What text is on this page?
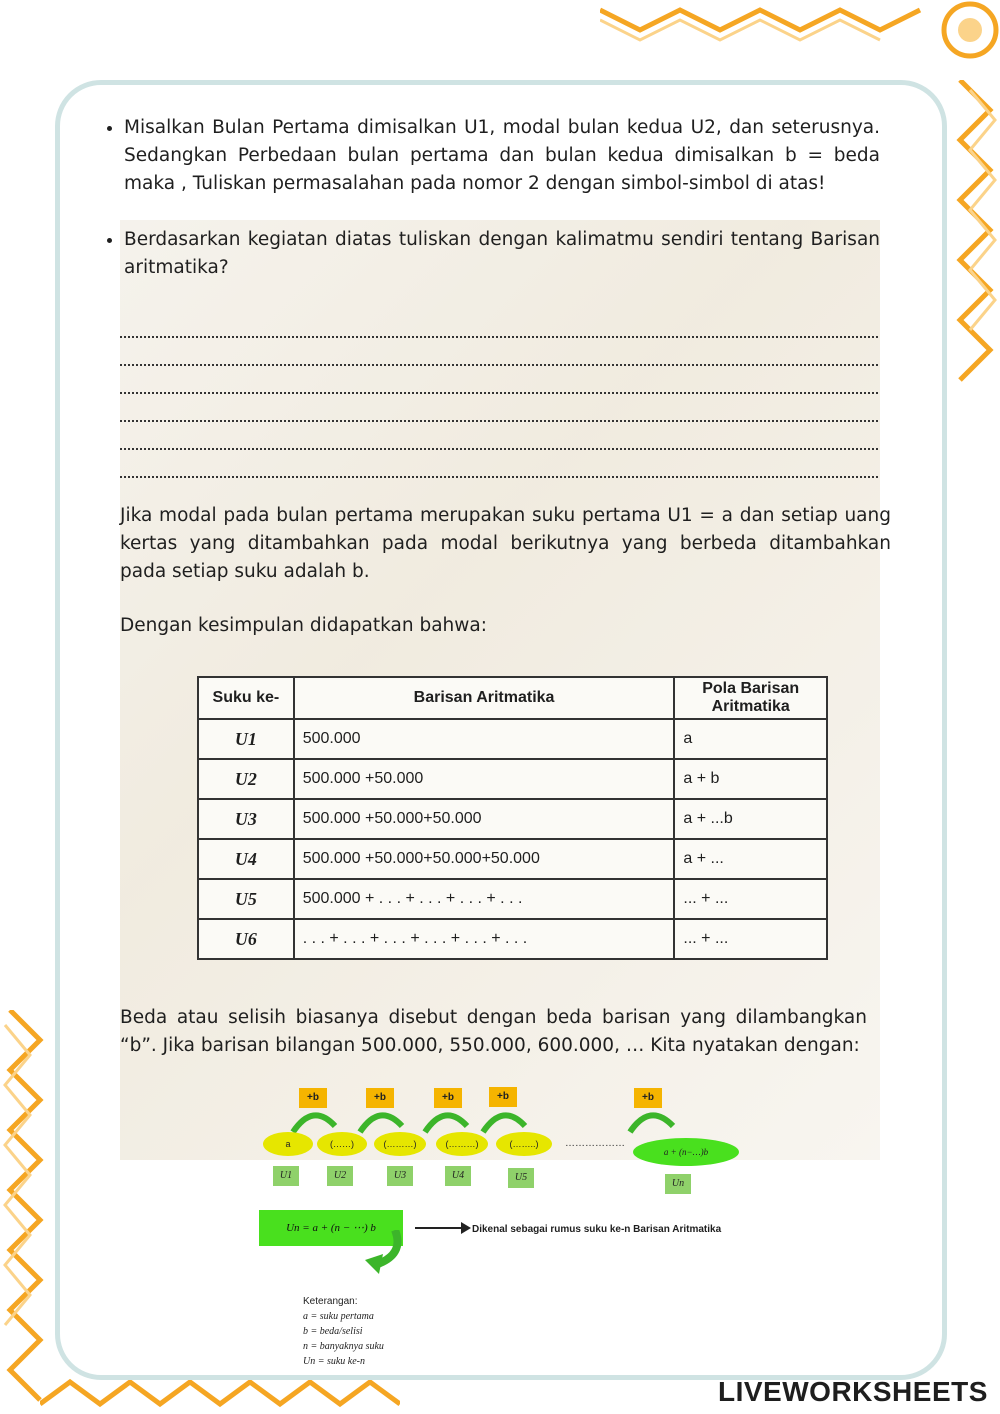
• Misalkan Bulan Pertama dimisalkan U1, modal bulan kedua U2, dan seterusnya. Sedangkan Perbedaan bulan pertama dan bulan kedua dimisalkan b = beda maka , Tuliskan permasalahan pada nomor 2 dengan simbol-simbol di atas!
• Berdasarkan kegiatan diatas tuliskan dengan kalimatmu sendiri tentang Barisan aritmatika?

Jika modal pada bulan pertama merupakan suku pertama U1 = a dan setiap uang kertas yang ditambahkan pada modal berikutnya yang berbeda ditambahkan pada setiap suku adalah b.

Dengan kesimpulan didapatkan bahwa:

Suku ke-	Barisan Aritmatika	Pola Barisan Aritmatika
U1	500.000	a
U2	500.000 +50.000	a + b
U3	500.000 +50.000+50.000	a + ...b
U4	500.000 +50.000+50.000+50.000	a + ...
U5	500.000 + . . . + . . . + . . . + . . .	... + ...
U6	. . . + . . . + . . . + . . . + . . . + . . .	... + ...

Beda atau selisih biasanya disebut dengan beda barisan yang dilambangkan “b”. Jika barisan bilangan 500.000, 550.000, 600.000, … Kita nyatakan dengan:

+b	+b	+b	+b	+b
a	(……)	(………)	(………)	(……..)	………………
a + (n−…)b
U1	U2	U3	U4	U5
Un
Un = a + (n − ⋯) b	Dikenal sebagai rumus suku ke-n Barisan Aritmatika
Keterangan:
a = suku pertama
b = beda/selisi
n = banyaknya suku
Un = suku ke-n
LIVEWORKSHEETS
